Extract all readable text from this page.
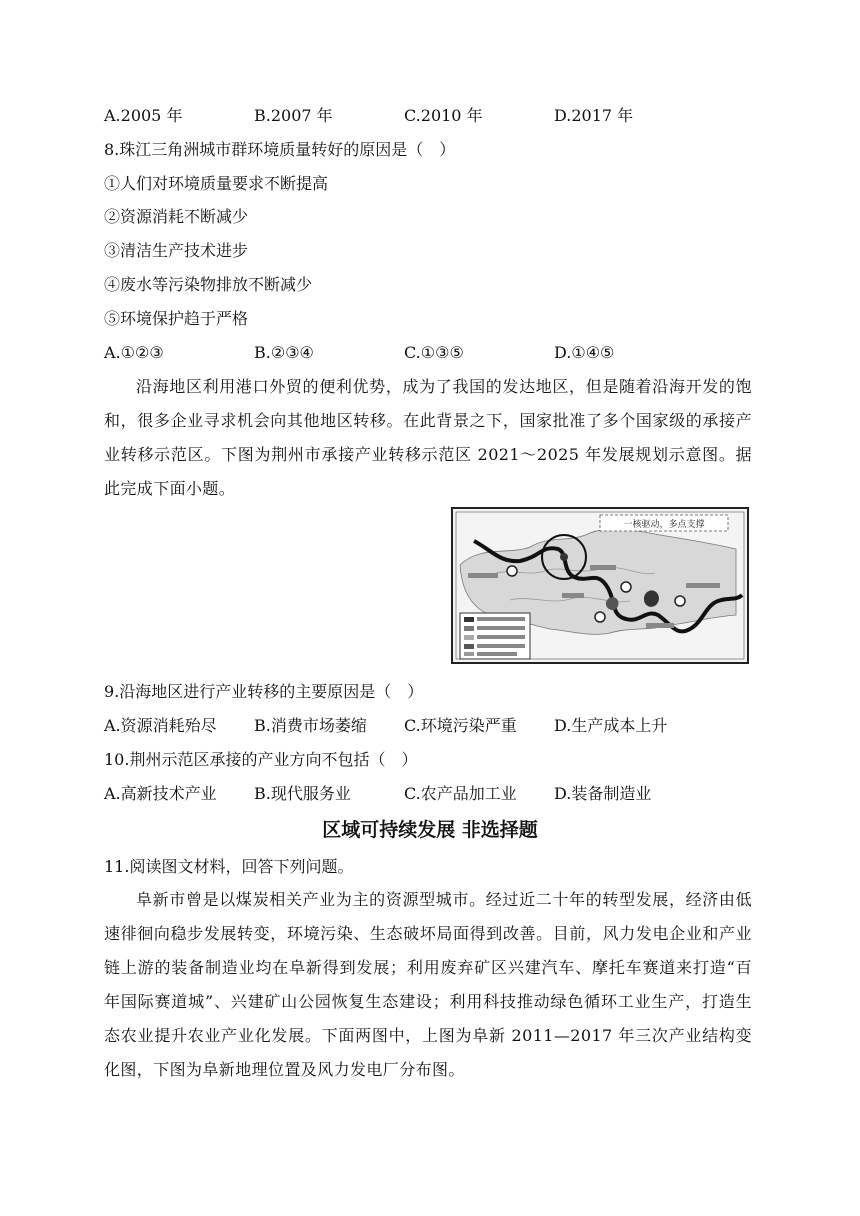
A.2005 年	B.2007 年	C.2010 年	D.2017 年
8.珠江三角洲城市群环境质量转好的原因是（　）
①人们对环境质量要求不断提高
②资源消耗不断减少
③清洁生产技术进步
④废水等污染物排放不断减少
⑤环境保护趋于严格
A.①②③	B.②③④	C.①③⑤	D.①④⑤
沿海地区利用港口外贸的便利优势，成为了我国的发达地区，但是随着沿海开发的饱和，很多企业寻求机会向其他地区转移。在此背景之下，国家批准了多个国家级的承接产业转移示范区。下图为荆州市承接产业转移示范区 2021～2025 年发展规划示意图。据此完成下面小题。
一核驱动，多点支撑
9.沿海地区进行产业转移的主要原因是（　）
A.资源消耗殆尽 B.消费市场萎缩 C.环境污染严重 D.生产成本上升
10.荆州示范区承接的产业方向不包括（　）
A.高新技术产业 B.现代服务业	C.农产品加工业 D.装备制造业
区域可持续发展 非选择题
11.阅读图文材料，回答下列问题。
阜新市曾是以煤炭相关产业为主的资源型城市。经过近二十年的转型发展，经济由低速徘徊向稳步发展转变，环境污染、生态破坏局面得到改善。目前，风力发电企业和产业链上游的装备制造业均在阜新得到发展；利用废弃矿区兴建汽车、摩托车赛道来打造“百年国际赛道城”、兴建矿山公园恢复生态建设；利用科技推动绿色循环工业生产，打造生态农业提升农业产业化发展。下面两图中，上图为阜新 2011—2017 年三次产业结构变化图，下图为阜新地理位置及风力发电厂分布图。
